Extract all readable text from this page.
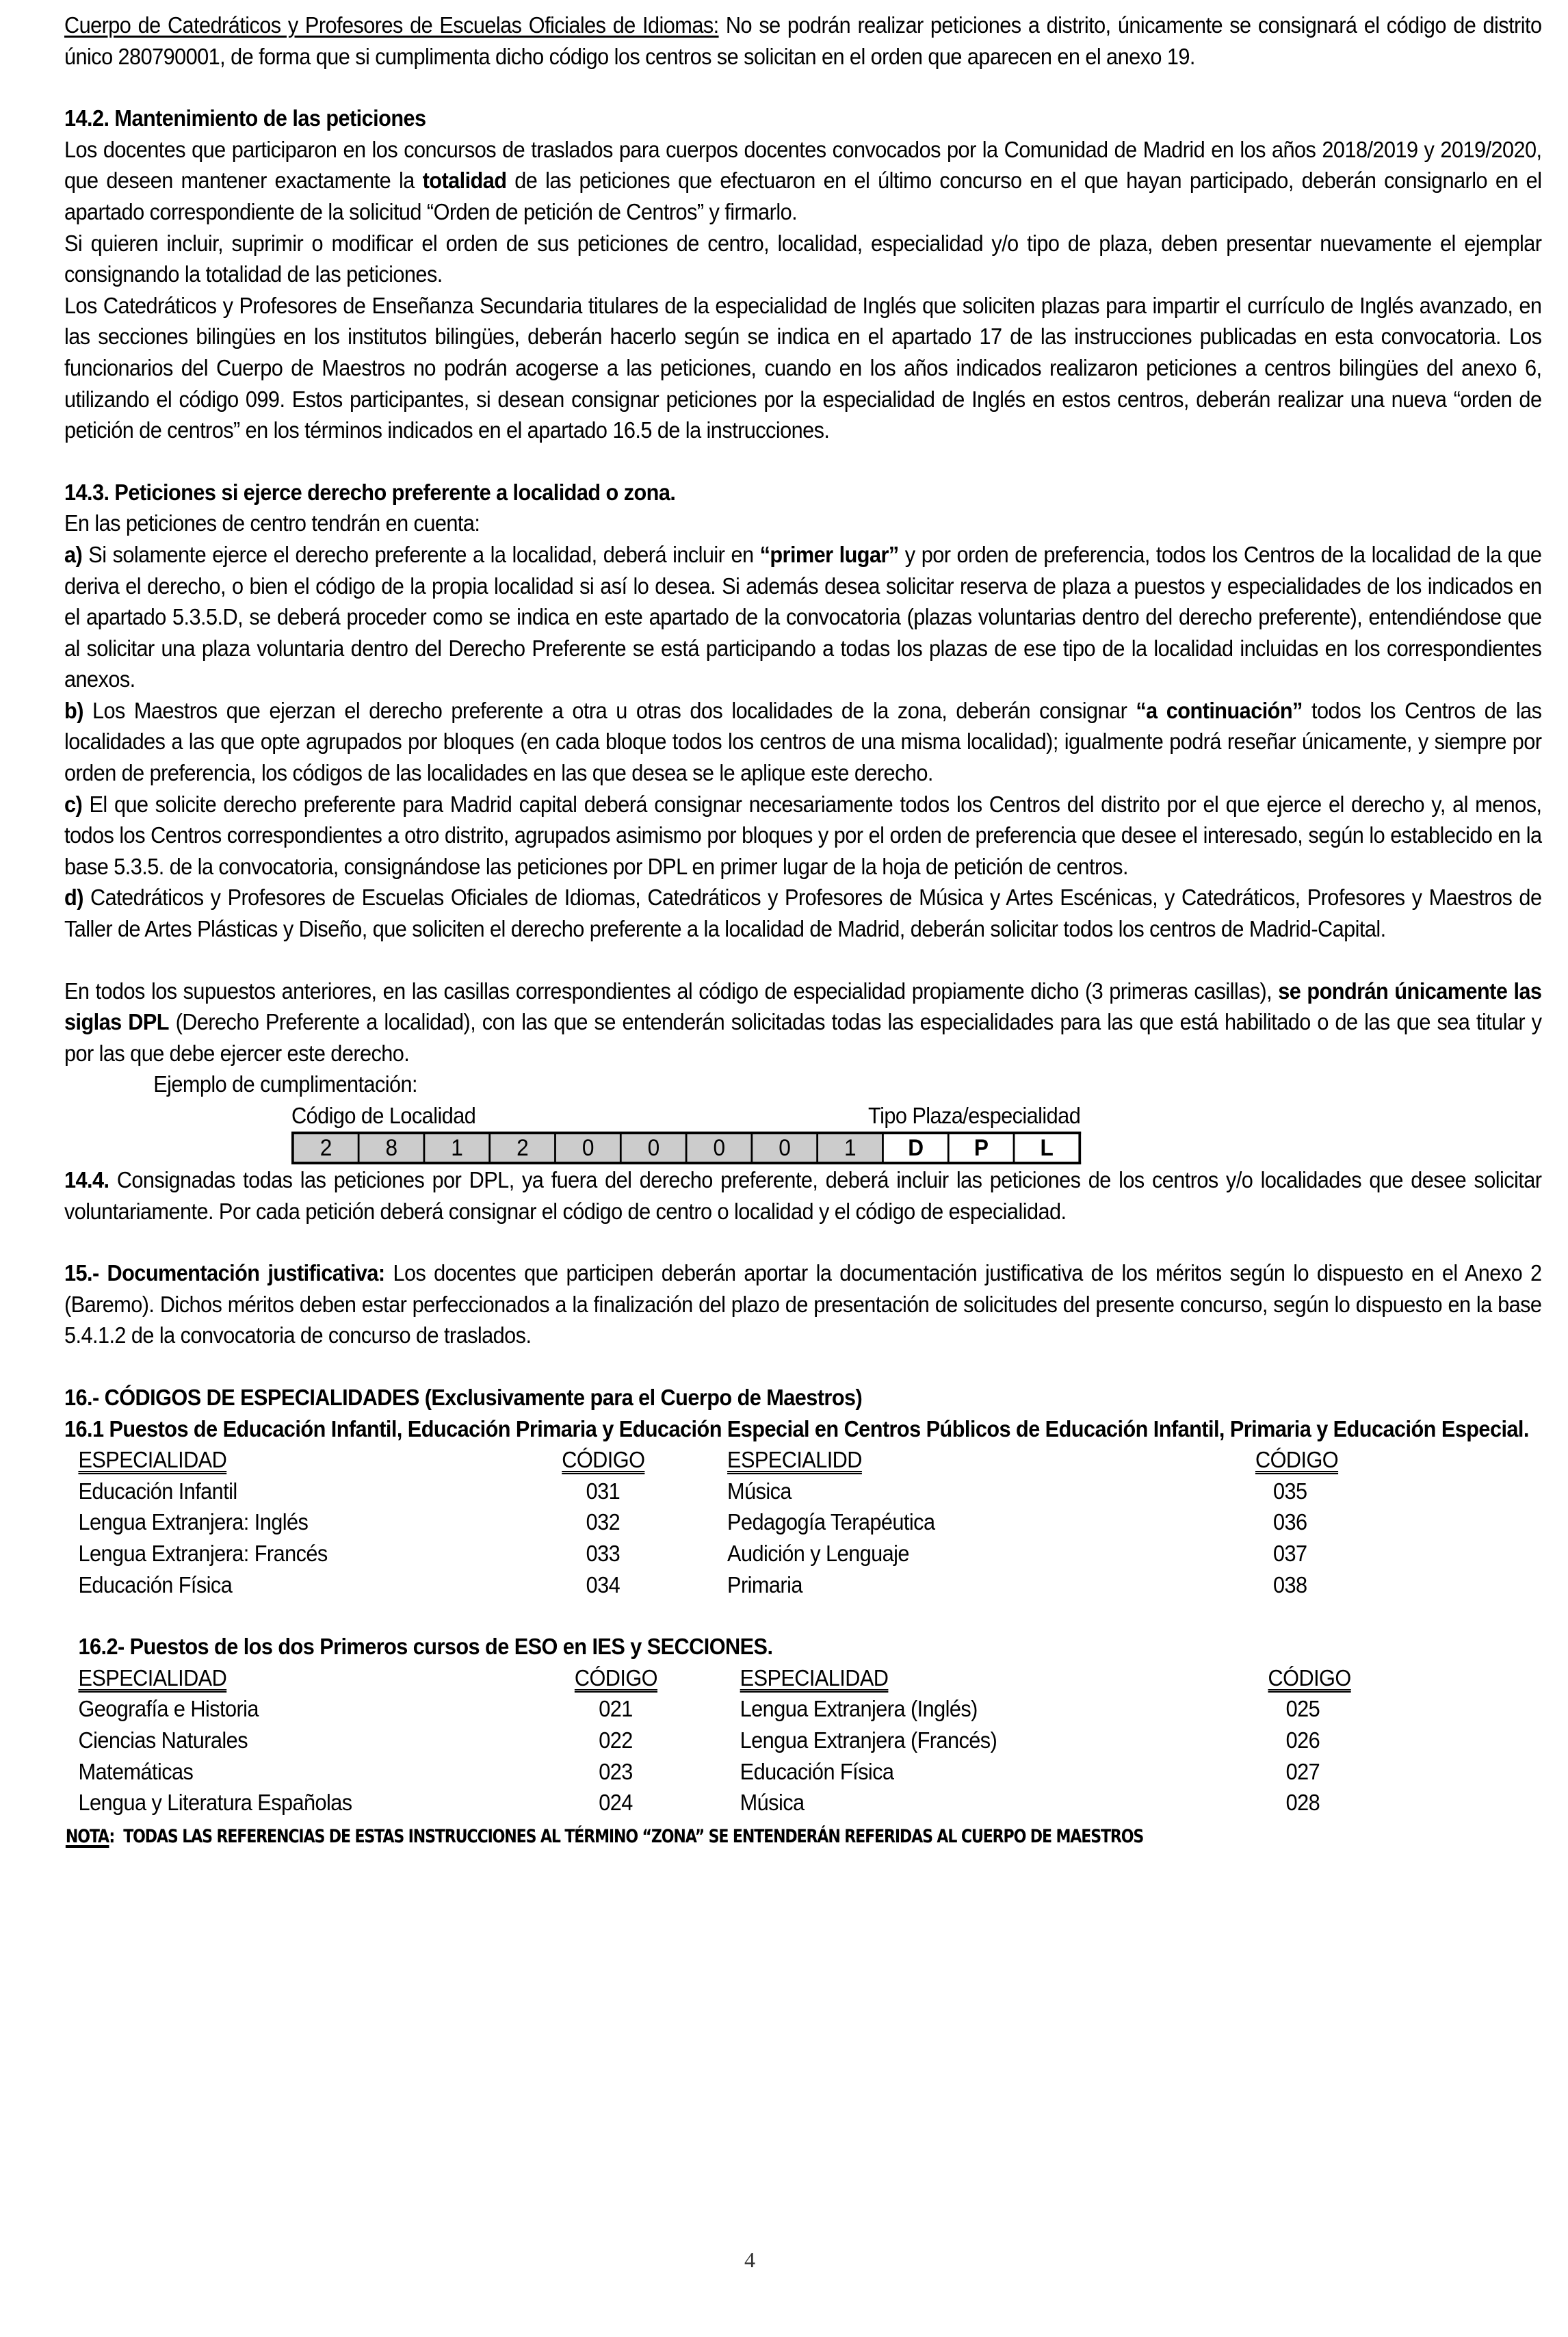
Cuerpo de Catedráticos y Profesores de Escuelas Oficiales de Idiomas: No se podrán realizar peticiones a distrito, únicamente se consignará el código de distrito único 280790001, de forma que si cumplimenta dicho código los centros se solicitan en el orden que aparecen en el anexo 19.

14.2. Mantenimiento de las peticiones

Los docentes que participaron en los concursos de traslados para cuerpos docentes convocados por la Comunidad de Madrid en los años 2018/2019 y 2019/2020, que deseen mantener exactamente la totalidad de las peticiones que efectuaron en el último concurso en el que hayan participado, deberán consignarlo en el apartado correspondiente de la solicitud “Orden de petición de Centros” y firmarlo.

Si quieren incluir, suprimir o modificar el orden de sus peticiones de centro, localidad, especialidad y/o tipo de plaza, deben presentar nuevamente el ejemplar consignando la totalidad de las peticiones.

Los Catedráticos y Profesores de Enseñanza Secundaria titulares de la especialidad de Inglés que soliciten plazas para impartir el currículo de Inglés avanzado, en las secciones bilingües en los institutos bilingües, deberán hacerlo según se indica en el apartado 17 de las instrucciones publicadas en esta convocatoria. Los funcionarios del Cuerpo de Maestros no podrán acogerse a las peticiones, cuando en los años indicados realizaron peticiones a centros bilingües del anexo 6, utilizando el código 099. Estos participantes, si desean consignar peticiones por la especialidad de Inglés en estos centros, deberán realizar una nueva “orden de petición de centros” en los términos indicados en el apartado 16.5 de la instrucciones.

14.3. Peticiones si ejerce derecho preferente a localidad o zona.

En las peticiones de centro tendrán en cuenta:

a) Si solamente ejerce el derecho preferente a la localidad, deberá incluir en “primer lugar” y por orden de preferencia, todos los Centros de la localidad de la que deriva el derecho, o bien el código de la propia localidad si así lo desea. Si además desea solicitar reserva de plaza a puestos y especialidades de los indicados en el apartado 5.3.5.D, se deberá proceder como se indica en este apartado de la convocatoria (plazas voluntarias dentro del derecho preferente), entendiéndose que al solicitar una plaza voluntaria dentro del Derecho Preferente se está participando a todas los plazas de ese tipo de la localidad incluidas en los correspondientes anexos.

b) Los Maestros que ejerzan el derecho preferente a otra u otras dos localidades de la zona, deberán consignar “a continuación” todos los Centros de las localidades a las que opte agrupados por bloques (en cada bloque todos los centros de una misma localidad); igualmente podrá reseñar únicamente, y siempre por orden de preferencia, los códigos de las localidades en las que desea se le aplique este derecho.

c) El que solicite derecho preferente para Madrid capital deberá consignar necesariamente todos los Centros del distrito por el que ejerce el derecho y, al menos, todos los Centros correspondientes a otro distrito, agrupados asimismo por bloques y por el orden de preferencia que desee el interesado, según lo establecido en la base 5.3.5. de la convocatoria, consignándose las peticiones por DPL en primer lugar de la hoja de petición de centros.

d) Catedráticos y Profesores de Escuelas Oficiales de Idiomas, Catedráticos y Profesores de Música y Artes Escénicas, y Catedráticos, Profesores y Maestros de Taller de Artes Plásticas y Diseño, que soliciten el derecho preferente a la localidad de Madrid, deberán solicitar todos los centros de Madrid-Capital.

En todos los supuestos anteriores, en las casillas correspondientes al código de especialidad propiamente dicho (3 primeras casillas), se pondrán únicamente las siglas DPL (Derecho Preferente a localidad), con las que se entenderán solicitadas todas las especialidades para las que está habilitado o de las que sea titular y por las que debe ejercer este derecho.

Ejemplo de cumplimentación:

Código de Localidad	Tipo Plaza/especialidad
2	8	1	2	0	0	0	0	1	D	P	L

14.4. Consignadas todas las peticiones por DPL, ya fuera del derecho preferente, deberá incluir las peticiones de los centros y/o localidades que desee solicitar voluntariamente. Por cada petición deberá consignar el código de centro o localidad y el código de especialidad.

15.- Documentación justificativa: Los docentes que participen deberán aportar la documentación justificativa de los méritos según lo dispuesto en el Anexo 2 (Baremo). Dichos méritos deben estar perfeccionados a la finalización del plazo de presentación de solicitudes del presente concurso, según lo dispuesto en la base 5.4.1.2 de la convocatoria de concurso de traslados.

16.- CÓDIGOS DE ESPECIALIDADES (Exclusivamente para el Cuerpo de Maestros)

16.1 Puestos de Educación Infantil, Educación Primaria y Educación Especial en Centros Públicos de Educación Infantil, Primaria y Educación Especial.

ESPECIALIDAD	CÓDIGO	ESPECIALIDD	CÓDIGO
Educación Infantil	031	Música	035
Lengua Extranjera: Inglés	032	Pedagogía Terapéutica	036
Lengua Extranjera: Francés	033	Audición y Lenguaje	037
Educación Física	034	Primaria	038

16.2- Puestos de los dos Primeros cursos de ESO en IES y SECCIONES.

ESPECIALIDAD	CÓDIGO	ESPECIALIDAD	CÓDIGO
Geografía e Historia	021	Lengua Extranjera (Inglés)	025
Ciencias Naturales	022	Lengua Extranjera (Francés)	026
Matemáticas	023	Educación Física	027
Lengua y Literatura Españolas	024	Música	028
NOTA:  TODAS LAS REFERENCIAS DE ESTAS INSTRUCCIONES AL TÉRMINO “ZONA” SE ENTENDERÁN REFERIDAS AL CUERPO DE MAESTROS
4
